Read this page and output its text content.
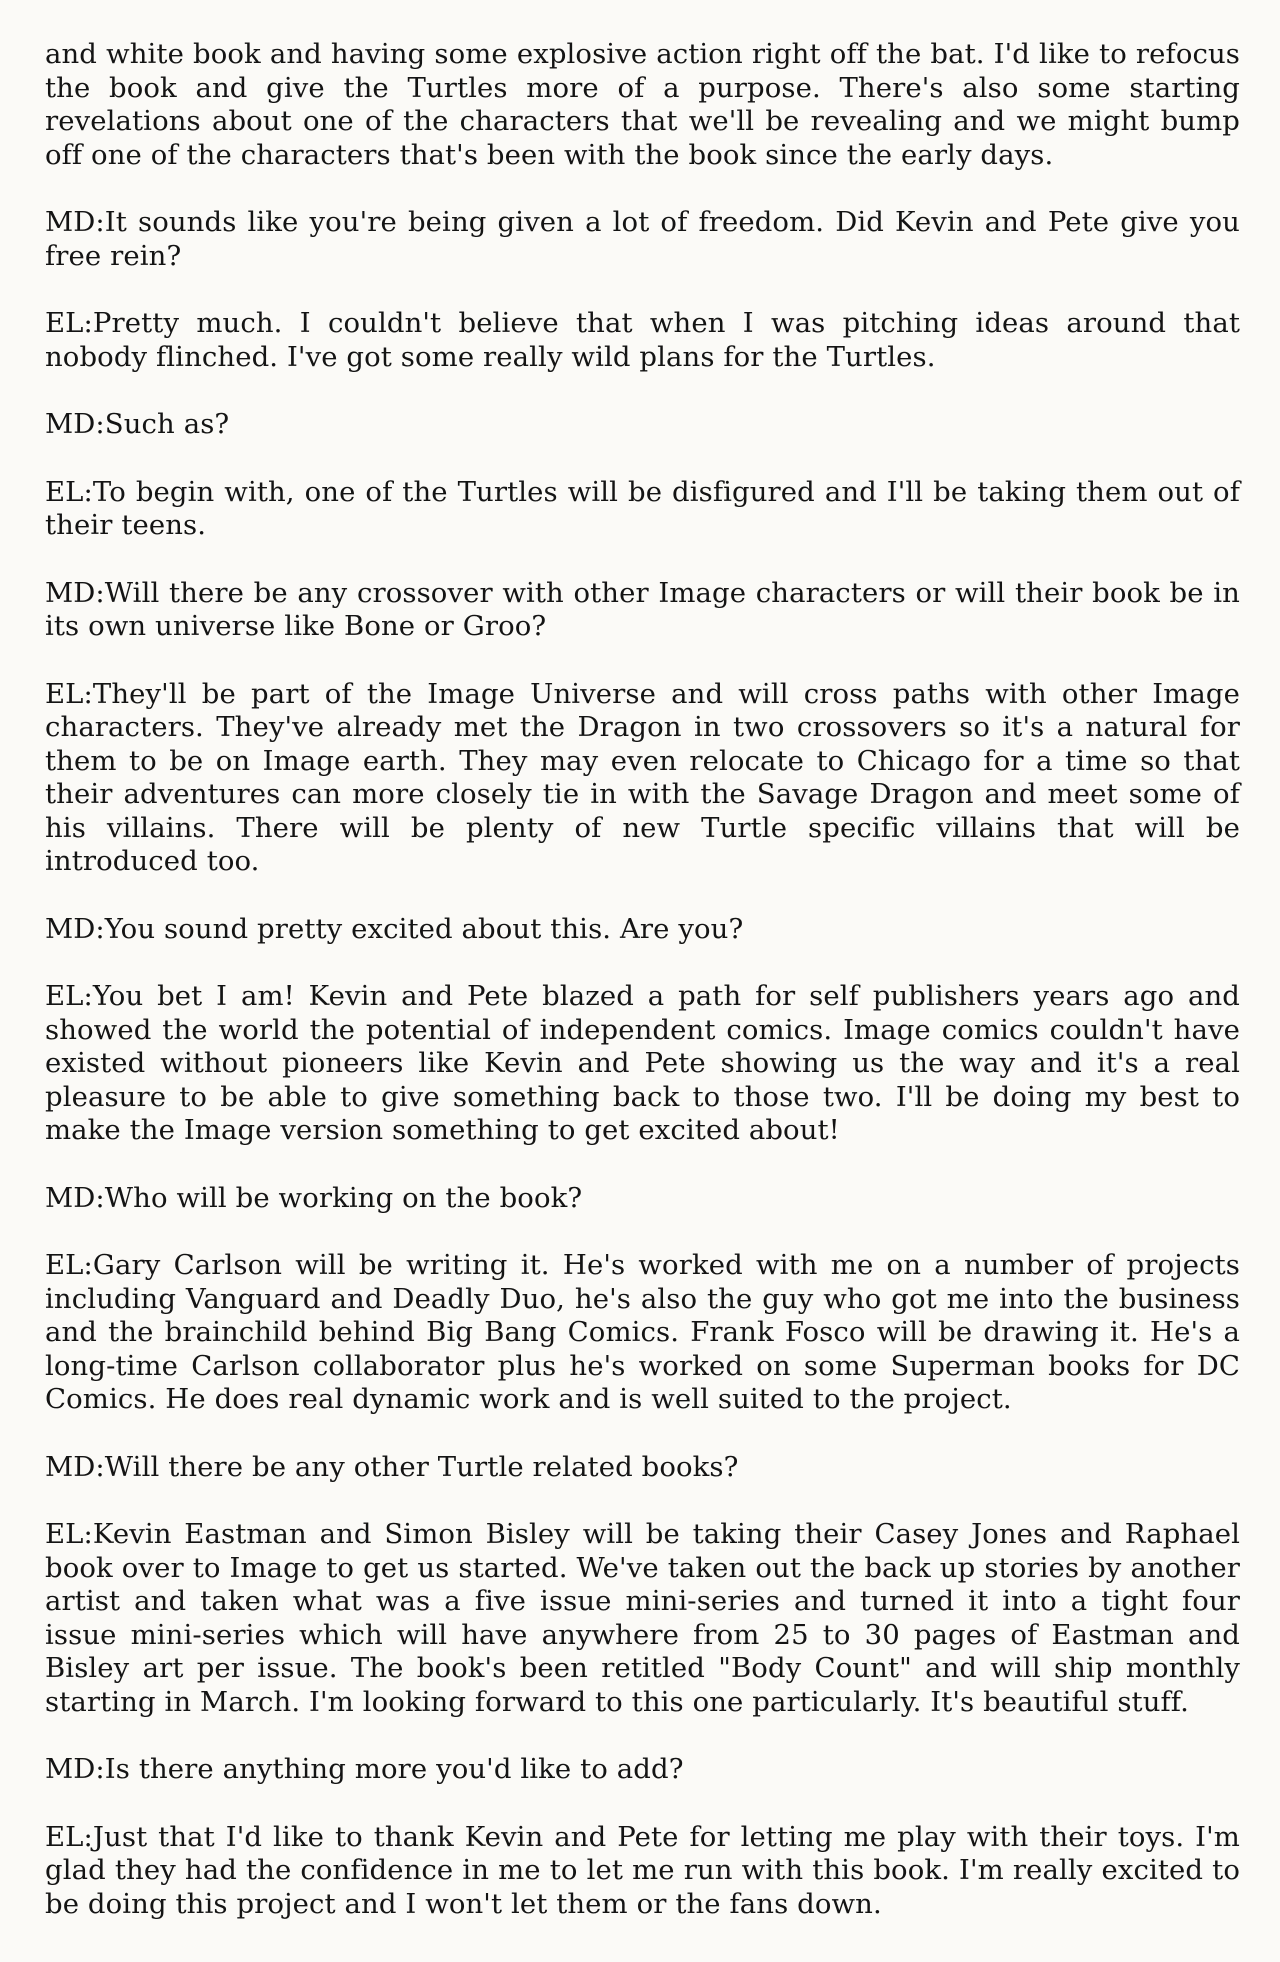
and white book and having some explosive action right off the bat. I'd like to refocus the book and give the Turtles more of a purpose. There's also some starting revelations about one of the characters that we'll be revealing and we might bump off one of the characters that's been with the book since the early days.

MD : It sounds like you're being given a lot of freedom. Did Kevin and Pete give you free rein?

EL : Pretty much. I couldn't believe that when I was pitching ideas around that nobody flinched. I've got some really wild plans for the Turtles.

MD : Such as?

EL : To begin with, one of the Turtles will be disfigured and I'll be taking them out of their teens.

MD : Will there be any crossover with other Image characters or will their book be in its own universe like Bone or Groo?

EL : They'll be part of the Image Universe and will cross paths with other Image characters. They've already met the Dragon in two crossovers so it's a natural for them to be on Image earth. They may even relocate to Chicago for a time so that their adventures can more closely tie in with the Savage Dragon and meet some of his villains. There will be plenty of new Turtle specific villains that will be introduced too.

MD : You sound pretty excited about this. Are you?

EL : You bet I am! Kevin and Pete blazed a path for self publishers years ago and showed the world the potential of independent comics. Image comics couldn't have existed without pioneers like Kevin and Pete showing us the way and it's a real pleasure to be able to give something back to those two. I'll be doing my best to make the Image version something to get excited about!

MD : Who will be working on the book?

EL : Gary Carlson will be writing it. He's worked with me on a number of projects including Vanguard and Deadly Duo, he's also the guy who got me into the business and the brainchild behind Big Bang Comics. Frank Fosco will be drawing it. He's a long-time Carlson collaborator plus he's worked on some Superman books for DC Comics. He does real dynamic work and is well suited to the project.

MD : Will there be any other Turtle related books?

EL : Kevin Eastman and Simon Bisley will be taking their Casey Jones and Raphael book over to Image to get us started. We've taken out the back up stories by another artist and taken what was a five issue mini-series and turned it into a tight four issue mini-series which will have anywhere from 25 to 30 pages of Eastman and Bisley art per issue. The book's been retitled "Body Count" and will ship monthly starting in March. I'm looking forward to this one particularly. It's beautiful stuff.

MD : Is there anything more you'd like to add?

EL : Just that I'd like to thank Kevin and Pete for letting me play with their toys. I'm glad they had the confidence in me to let me run with this book. I'm really excited to be doing this project and I won't let them or the fans down.
